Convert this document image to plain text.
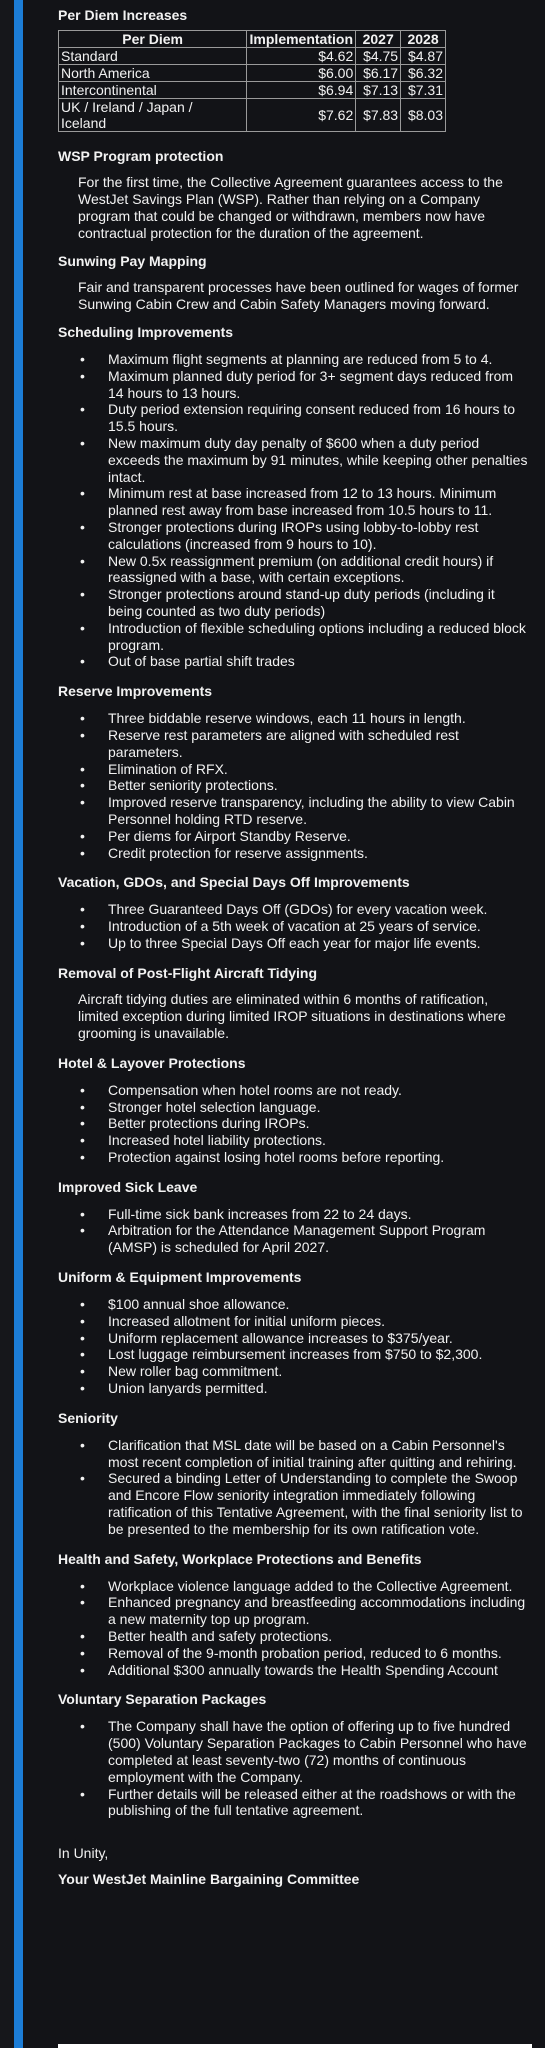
Per Diem Increases
Per Diem	Implementation	2027	2028
Standard	$4.62	$4.75	$4.87
North America	$6.00	$6.17	$6.32
Intercontinental	$6.94	$7.13	$7.31
UK / Ireland / Japan / Iceland	$7.62	$7.83	$8.03
WSP Program protection

For the first time, the Collective Agreement guarantees access to the WestJet Savings Plan (WSP). Rather than relying on a Company program that could be changed or withdrawn, members now have contractual protection for the duration of the agreement.

Sunwing Pay Mapping

Fair and transparent processes have been outlined for wages of former Sunwing Cabin Crew and Cabin Safety Managers moving forward.

Scheduling Improvements
• Maximum flight segments at planning are reduced from 5 to 4.
• Maximum planned duty period for 3+ segment days reduced from 14 hours to 13 hours.
• Duty period extension requiring consent reduced from 16 hours to 15.5 hours.
• New maximum duty day penalty of $600 when a duty period exceeds the maximum by 91 minutes, while keeping other penalties intact.
• Minimum rest at base increased from 12 to 13 hours. Minimum planned rest away from base increased from 10.5 hours to 11.
• Stronger protections during IROPs using lobby-to-lobby rest calculations (increased from 9 hours to 10).
• New 0.5x reassignment premium (on additional credit hours) if reassigned with a base, with certain exceptions.
• Stronger protections around stand-up duty periods (including it being counted as two duty periods)
• Introduction of flexible scheduling options including a reduced block program.
• Out of base partial shift trades
Reserve Improvements
• Three biddable reserve windows, each 11 hours in length.
• Reserve rest parameters are aligned with scheduled rest parameters.
• Elimination of RFX.
• Better seniority protections.
• Improved reserve transparency, including the ability to view Cabin Personnel holding RTD reserve.
• Per diems for Airport Standby Reserve.
• Credit protection for reserve assignments.
Vacation, GDOs, and Special Days Off Improvements
• Three Guaranteed Days Off (GDOs) for every vacation week.
• Introduction of a 5th week of vacation at 25 years of service.
• Up to three Special Days Off each year for major life events.
Removal of Post-Flight Aircraft Tidying

Aircraft tidying duties are eliminated within 6 months of ratification, limited exception during limited IROP situations in destinations where grooming is unavailable.

Hotel & Layover Protections
• Compensation when hotel rooms are not ready.
• Stronger hotel selection language.
• Better protections during IROPs.
• Increased hotel liability protections.
• Protection against losing hotel rooms before reporting.
Improved Sick Leave
• Full-time sick bank increases from 22 to 24 days.
• Arbitration for the Attendance Management Support Program (AMSP) is scheduled for April 2027.
Uniform & Equipment Improvements
• $100 annual shoe allowance.
• Increased allotment for initial uniform pieces.
• Uniform replacement allowance increases to $375/year.
• Lost luggage reimbursement increases from $750 to $2,300.
• New roller bag commitment.
• Union lanyards permitted.
Seniority
• Clarification that MSL date will be based on a Cabin Personnel's most recent completion of initial training after quitting and rehiring.
• Secured a binding Letter of Understanding to complete the Swoop and Encore Flow seniority integration immediately following ratification of this Tentative Agreement, with the final seniority list to be presented to the membership for its own ratification vote.
Health and Safety, Workplace Protections and Benefits
• Workplace violence language added to the Collective Agreement.
• Enhanced pregnancy and breastfeeding accommodations including a new maternity top up program.
• Better health and safety protections.
• Removal of the 9-month probation period, reduced to 6 months.
• Additional $300 annually towards the Health Spending Account
Voluntary Separation Packages
• The Company shall have the option of offering up to five hundred (500) Voluntary Separation Packages to Cabin Personnel who have completed at least seventy-two (72) months of continuous employment with the Company.
• Further details will be released either at the roadshows or with the publishing of the full tentative agreement.

In Unity,

Your WestJet Mainline Bargaining Committee
